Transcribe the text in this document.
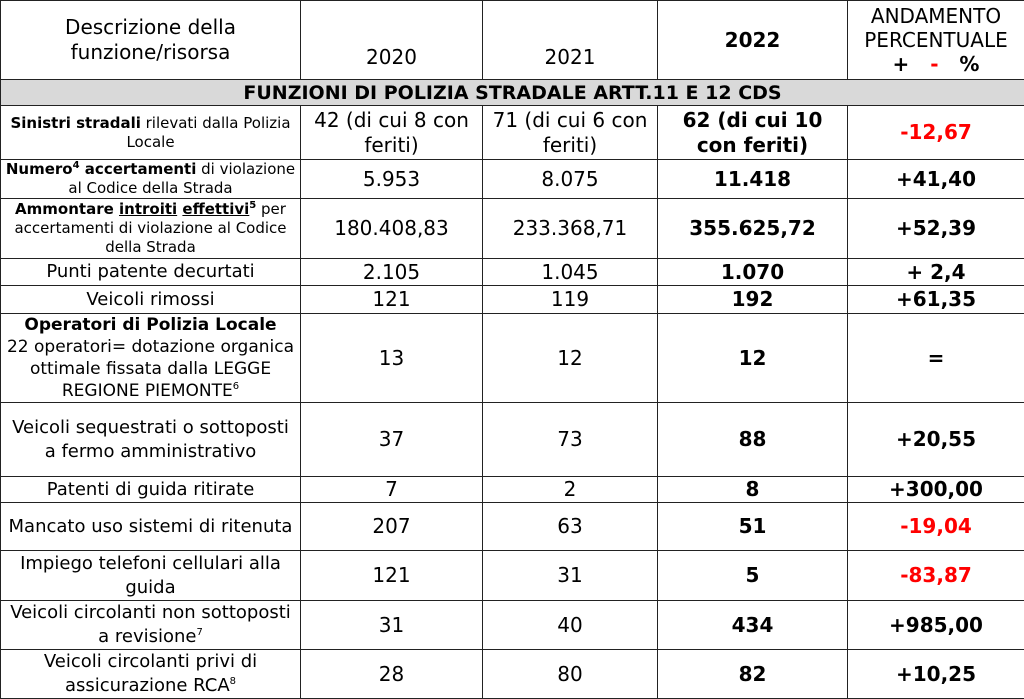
Descrizione della funzione/risorsa	2020	2021	2022	ANDAMENTO
PERCENTUALE
+ - %

FUNZIONI DI POLIZIA STRADALE ARTT.11 E 12 CDS				
Sinistri stradali rilevati dalla Polizia Locale	42 (di cui 8 con feriti)	71 (di cui 6 con feriti)	62 (di cui 10 con feriti)	-12,67
Numero$^4$ accertamenti di violazione al Codice della Strada	5.953	8.075	11.418	+41,40
Ammontare introiti effettivi$^5$ per accertamenti di violazione al Codice della Strada	180.408,83	233.368,71	355.625,72	+52,39
Punti patente decurtati	2.105	1.045	1.070	+ 2,4
Veicoli rimossi	121	119	192	+61,35
Operatori di Polizia Locale
22 operatori= dotazione organica ottimale fissata dalla LEGGE REGIONE PIEMONTE$^6$	13	12	12	=
Veicoli sequestrati o sottoposti a fermo amministrativo	37	73	88	+20,55
Patenti di guida ritirate	7	2	8	+300,00
Mancato uso sistemi di ritenuta	207	63	51	-19,04
Impiego telefoni cellulari alla guida	121	31	5	-83,87
Veicoli circolanti non sottoposti a revisione$^7$	31	40	434	+985,00
Veicoli circolanti privi di assicurazione RCA$^8$	28	80	82	+10,25
